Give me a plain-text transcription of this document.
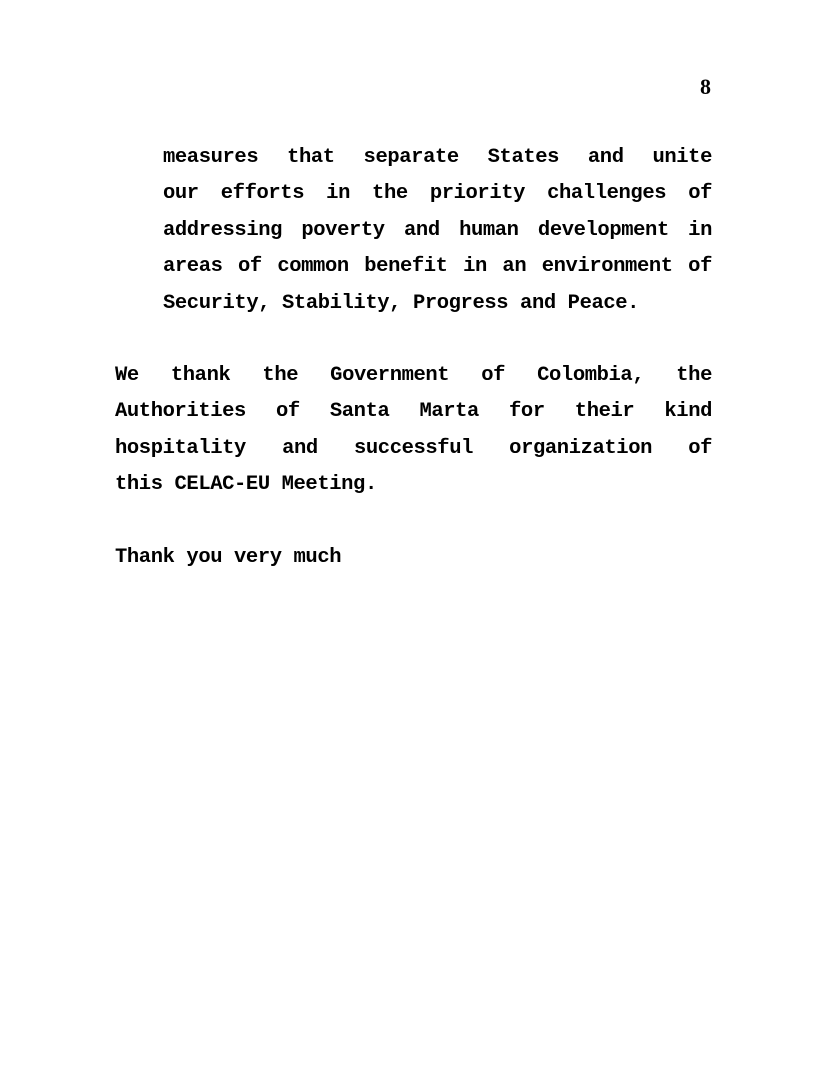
8
measures that separate States and unite
our efforts in the priority challenges of
addressing poverty and human development in
areas of common benefit in an environment of
Security, Stability, Progress and Peace.
We thank the Government of Colombia, the
Authorities of Santa Marta for their kind
hospitality and successful organization of
this CELAC-EU Meeting.
Thank you very much
